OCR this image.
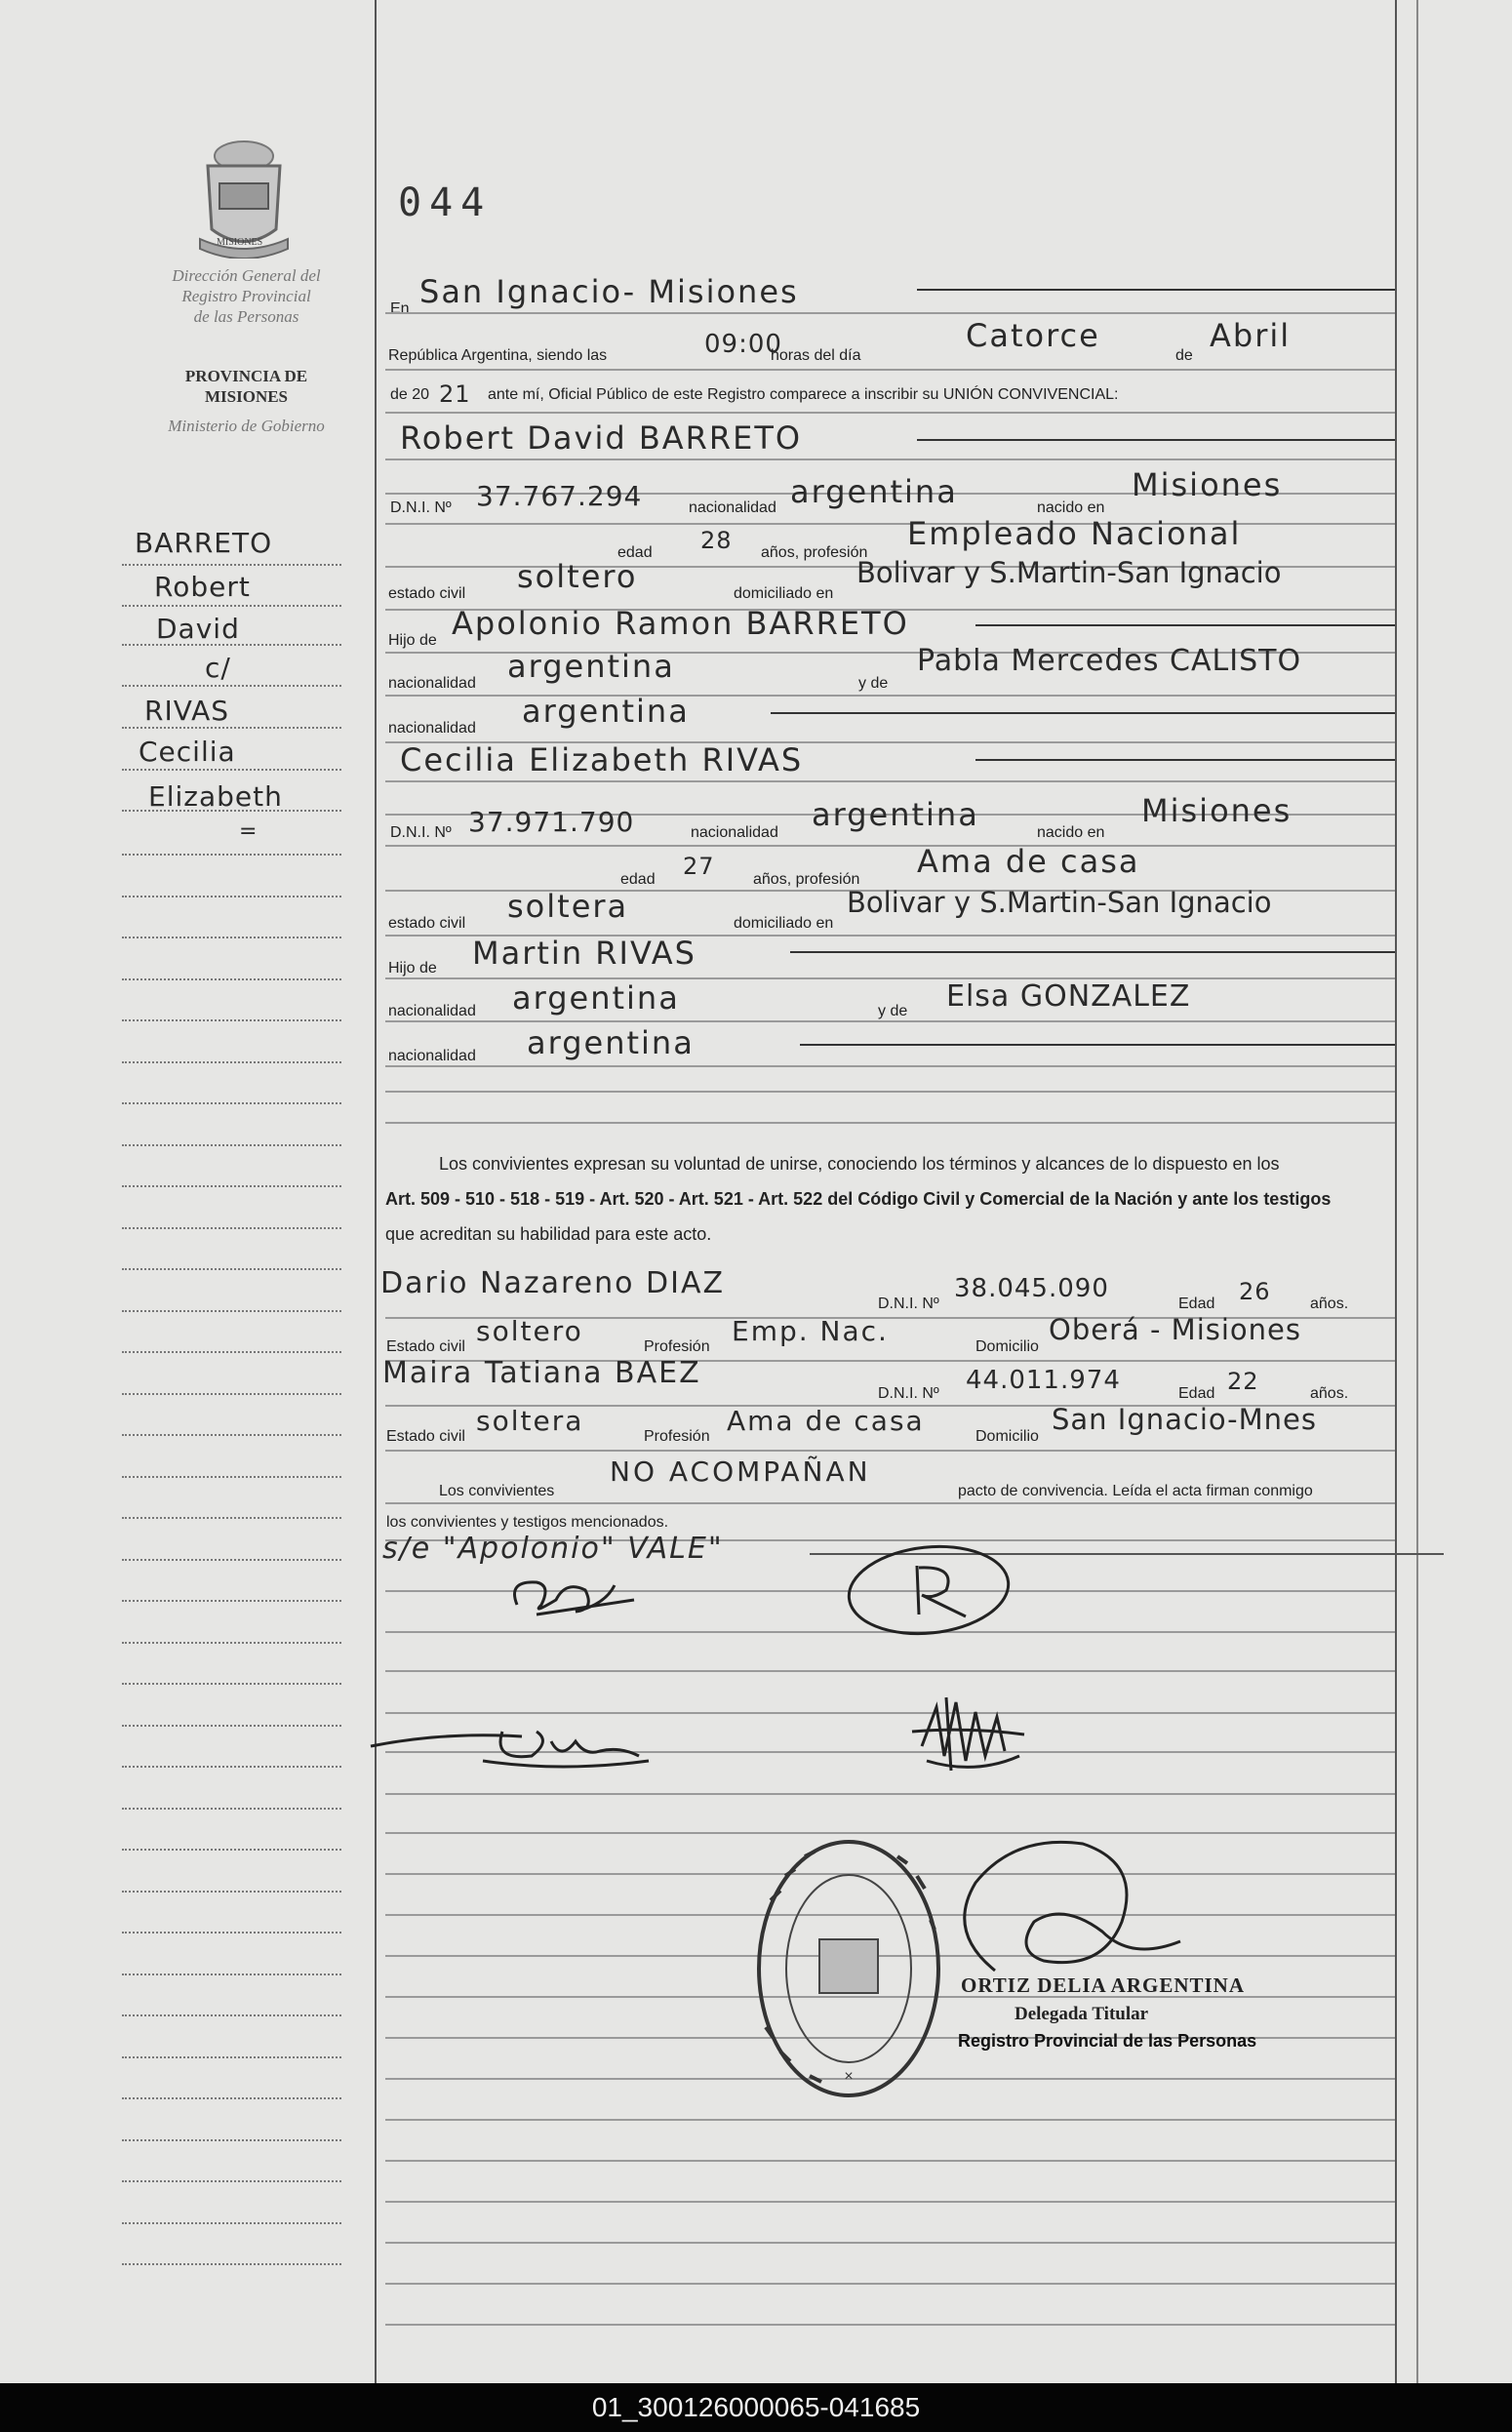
MISIONES
Dirección General del
Registro Provincial
de las Personas
PROVINCIA DE
MISIONES
Ministerio de Gobierno
BARRETO
Robert
David
c/
RIVAS
Cecilia
Elizabeth
=
044
En San Ignacio- Misiones
República Argentina, siendo las	09:00
horas del día
Catorce
de
Abril
de 20 21 ante mí, Oficial Público de este Registro comparece a inscribir su UNIÓN CONVIVENCIAL:
Robert David BARRETO
D.N.I. Nº 37.767.294	nacionalidad argentina	nacido en
Misiones
edad 28 años, profesión
Empleado Nacional
estado civil soltero	domiciliado en
Bolivar y S.Martin-San Ignacio
Hijo de Apolonio Ramon BARRETO
nacionalidad argentina	y de
Pabla Mercedes CALISTO
nacionalidad argentina
Cecilia Elizabeth RIVAS
D.N.I. Nº 37.971.790	nacionalidad argentina	nacido en
Misiones
edad 27 años, profesión Ama de casa
estado civil soltera	domiciliado en
Bolivar y S.Martin-San Ignacio
Hijo de Martin RIVAS
nacionalidad argentina	y de Elsa GONZALEZ
nacionalidad argentina
Los convivientes expresan su voluntad de unirse, conociendo los términos y alcances de lo dispuesto en los
Art. 509 - 510 - 518 - 519 - Art. 520 - Art. 521 - Art. 522 del Código Civil y Comercial de la Nación y ante los testigos
que acreditan su habilidad para este acto.
Dario Nazareno DIAZ
D.N.I. Nº
38.045.090
Edad 26	años.
Estado civil soltero	Profesión Emp. Nac.	Domicilio
Oberá - Misiones
Maira Tatiana BAEZ
D.N.I. Nº 44.011.974	Edad 22	años.
Estado civil soltera	Profesión Ama de casa	Domicilio
San Ignacio-Mnes
Los convivientes
NO ACOMPAÑAN
pacto de convivencia. Leída el acta firman conmigo
los convivientes y testigos mencionados.
s/e "Apolonio" VALE"
×
ORTIZ DELIA ARGENTINA
Delegada Titular
Registro Provincial de las Personas
01_300126000065-041685
